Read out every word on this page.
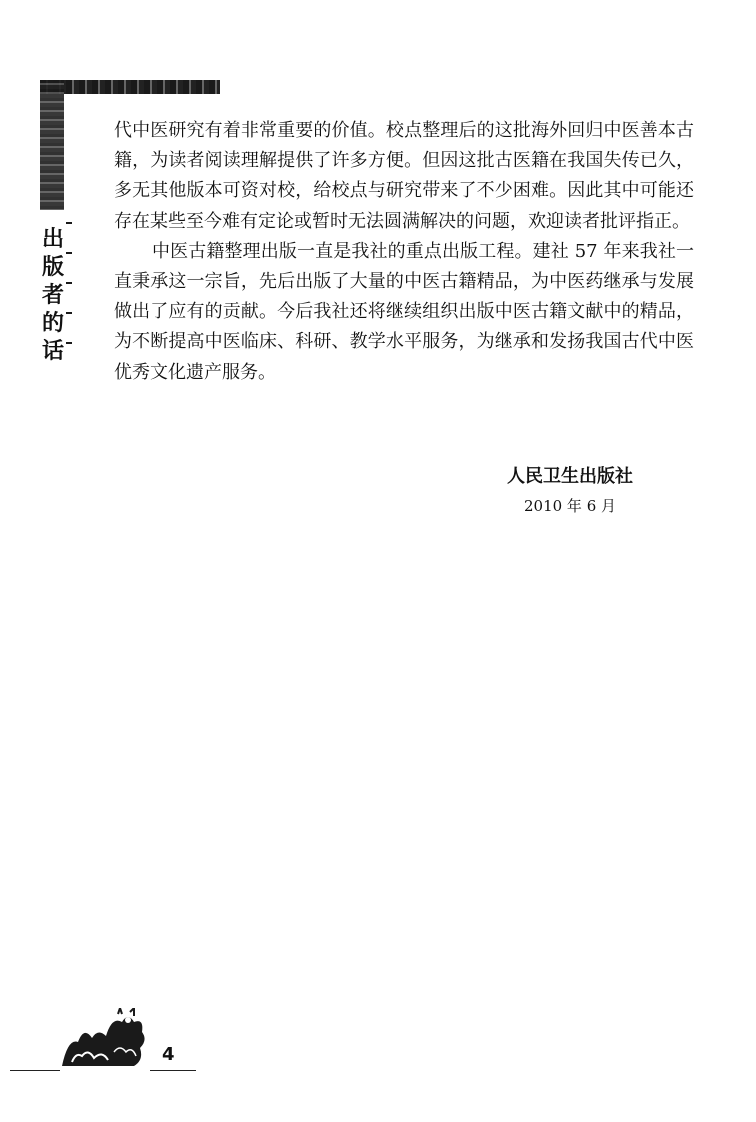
出
版
者
的
话

代中医研究有着非常重要的价值。校点整理后的这批海外回归中医善本古籍，为读者阅读理解提供了许多方便。但因这批古医籍在我国失传已久，多无其他版本可资对校，给校点与研究带来了不少困难。因此其中可能还存在某些至今难有定论或暂时无法圆满解决的问题，欢迎读者批评指正。

中医古籍整理出版一直是我社的重点出版工程。建社 57 年来我社一直秉承这一宗旨，先后出版了大量的中医古籍精品，为中医药继承与发展做出了应有的贡献。今后我社还将继续组织出版中医古籍文献中的精品，为不断提高中医临床、科研、教学水平服务，为继承和发扬我国古代中医优秀文化遗产服务。

人民卫生出版社
2010 年 6 月
4
